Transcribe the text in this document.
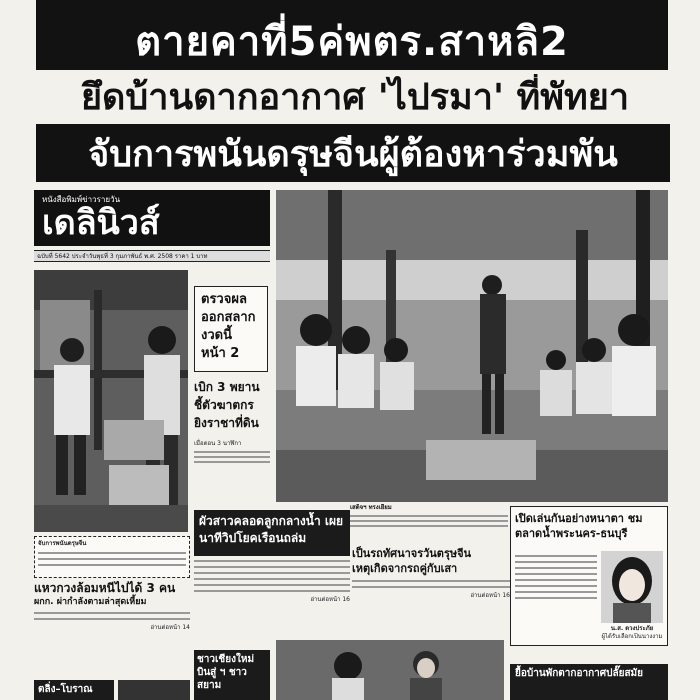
ตายคาที่5ค่พตร.สาหลิ2
ยึดบ้านดากอากาศ 'ไปรมา' ที่พัทยา
จับการพนันดรุษจีนผู้ต้องหาร่วมพัน
หนังสือพิมพ์ข่าวรายวัน
เดลินิวส์
ฉบับที่ 5642 ประจำวันพุธที่ 3 กุมภาพันธ์ พ.ศ. 2508 ราคา 1 บาท
ตรวจผล
ออกสลาก
งวดนี้
หน้า 2
เบิก 3 พยาน ชี้ตัวฆาตกร ยิงราชาที่ดิน
เมื่อตอน 3 นาฬิกา
เสด็จฯ ทรงเยี่ยม
จับการพนันดรุษจีน
ผัวสาวคลอดลูกกลางน้ำ เผยนาทีวิปโยคเรือนถล่ม
อ่านต่อหน้า 16
เป็นรถทัศนาจรวันตรุษจีน
เหตุเกิดจากรถคู่กับเสา
อ่านต่อหน้า 16
เปิดเล่นกันอย่างหนาตา ชมตลาดน้ำพระนคร-ธนบุรี
น.ส. ดวงประภัย
ผู้ได้รับเลือกเป็นนางงาม
แหวกวงล้อมหนีไปได้ 3 คน
ผกก. ผ่ากำลังตามล่าสุดเหี้ยม
อ่านต่อหน้า 14
ตลิ่ง–โบราณ
ชาวเชียงใหม่ บินสู่ ฯ ชาวสยาม
ยื้อบ้านพักตากอากาศปลั๊ยสมัย
